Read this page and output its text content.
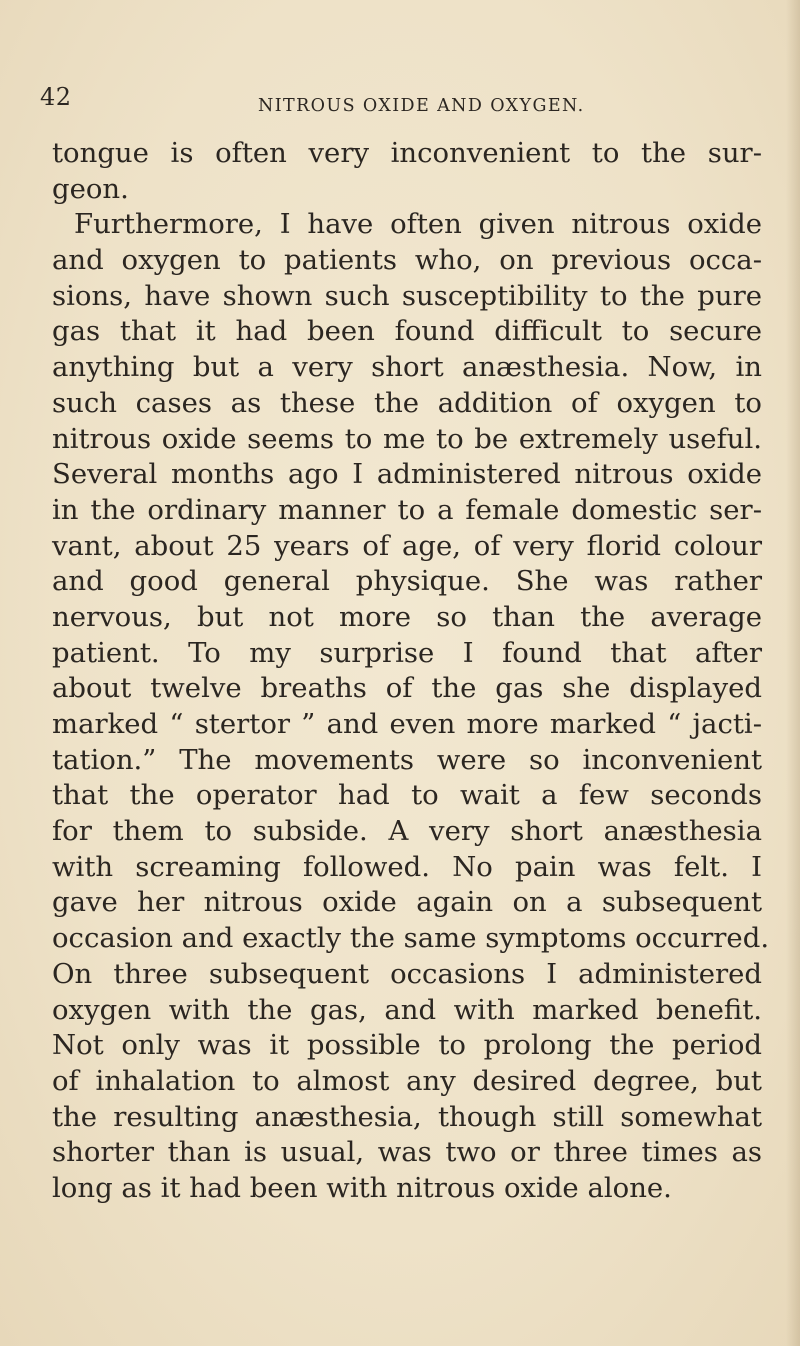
42	NITROUS OXIDE AND OXYGEN.
tongue is often very inconvenient to the sur-
geon.
Furthermore, I have often given nitrous oxide
and oxygen to patients who, on previous occa-
sions, have shown such susceptibility to the pure
gas that it had been found difficult to secure
anything but a very short anæsthesia. Now, in
such cases as these the addition of oxygen to
nitrous oxide seems to me to be extremely useful.
Several months ago I administered nitrous oxide
in the ordinary manner to a female domestic ser-
vant, about 25 years of age, of very florid colour
and good general physique. She was rather
nervous, but not more so than the average
patient. To my surprise I found that after
about twelve breaths of the gas she displayed
marked “ stertor ” and even more marked “ jacti-
tation.” The movements were so inconvenient
that the operator had to wait a few seconds
for them to subside. A very short anæsthesia
with screaming followed. No pain was felt. I
gave her nitrous oxide again on a subsequent
occasion and exactly the same symptoms occurred.
On three subsequent occasions I administered
oxygen with the gas, and with marked benefit.
Not only was it possible to prolong the period
of inhalation to almost any desired degree, but
the resulting anæsthesia, though still somewhat
shorter than is usual, was two or three times as
long as it had been with nitrous oxide alone.
